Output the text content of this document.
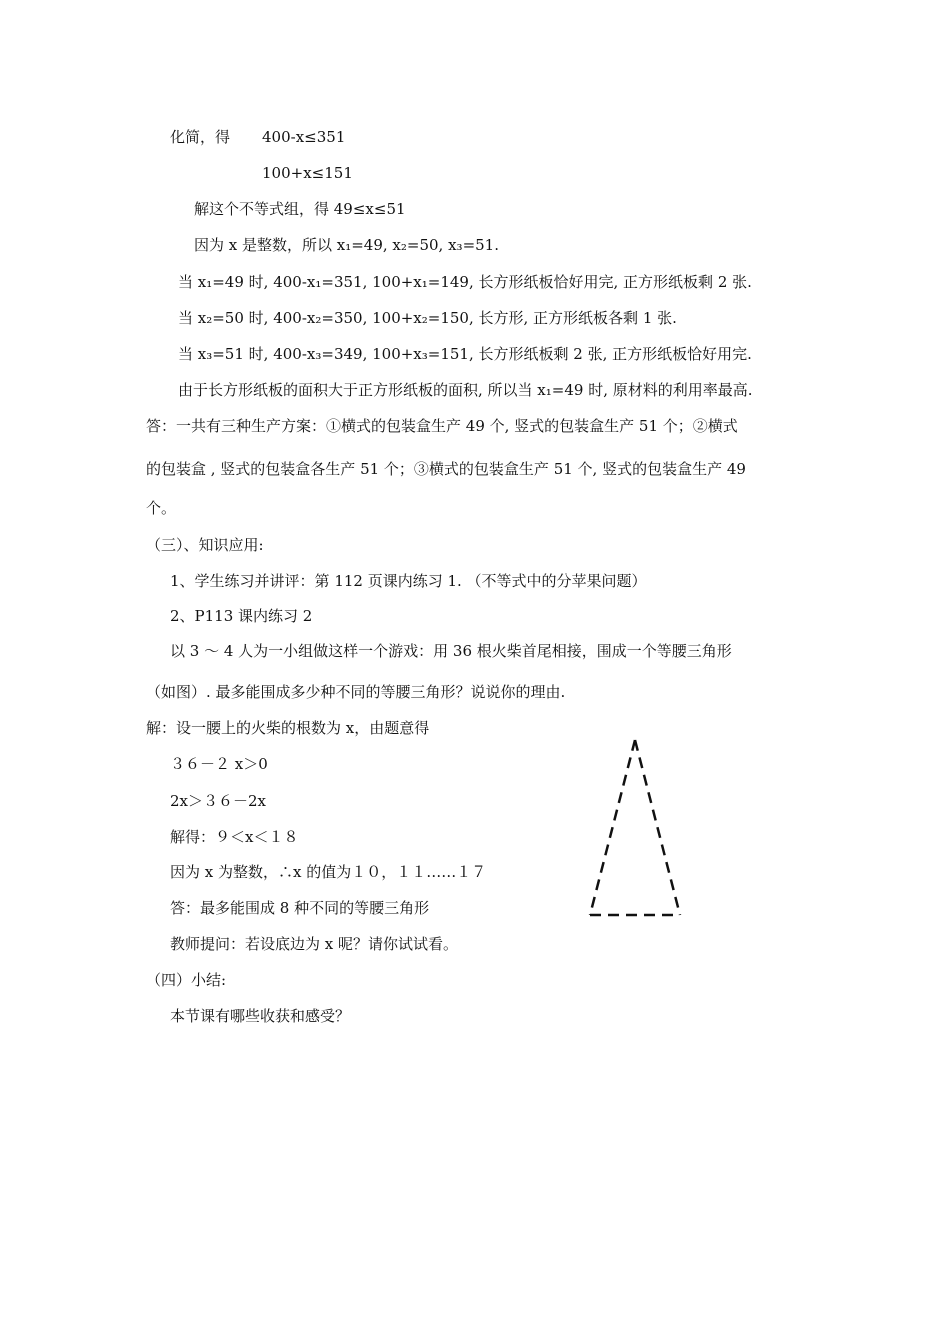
化简，得 400-x≤351
100+x≤151
解这个不等式组，得 49≤x≤51
因为 x 是整数，所以 x₁=49, x₂=50, x₃=51.
当 x₁=49 时, 400-x₁=351, 100+x₁=149, 长方形纸板恰好用完, 正方形纸板剩 2 张.
当 x₂=50 时, 400-x₂=350, 100+x₂=150, 长方形, 正方形纸板各剩 1 张.
当 x₃=51 时, 400-x₃=349, 100+x₃=151, 长方形纸板剩 2 张, 正方形纸板恰好用完.
由于长方形纸板的面积大于正方形纸板的面积, 所以当 x₁=49 时, 原材料的利用率最高.
答：一共有三种生产方案：①横式的包装盒生产 49 个, 竖式的包装盒生产 51 个；②横式
的包装盒 , 竖式的包装盒各生产 51 个；③横式的包装盒生产 51 个, 竖式的包装盒生产 49
个。
（三）、知识应用:
1、学生练习并讲评：第 112 页课内练习 1. （不等式中的分苹果问题）
2、P113 课内练习 2
以 3 ～ 4 人为一小组做这样一个游戏：用 36 根火柴首尾相接，围成一个等腰三角形
（如图）. 最多能围成多少种不同的等腰三角形？说说你的理由.
解：设一腰上的火柴的根数为 x，由题意得
３６－２ x＞0
2x＞３６－2x
解得：９＜x＜１８
因为 x 为整数，∴x 的值为１０，１１……１７
答：最多能围成 8 种不同的等腰三角形
教师提问：若设底边为 x 呢？请你试试看。
（四）小结:
本节课有哪些收获和感受？
